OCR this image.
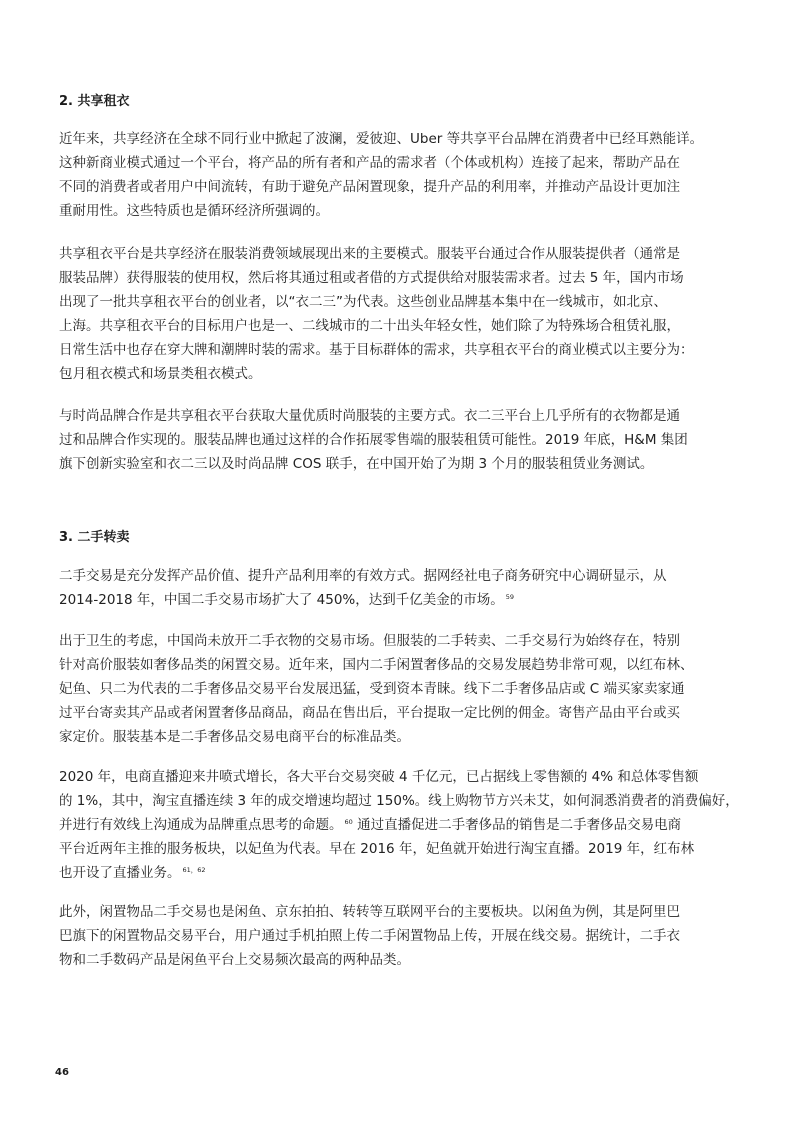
2. 共享租衣

近年来，共享经济在全球不同行业中掀起了波澜，爱彼迎、Uber 等共享平台品牌在消费者中已经耳熟能详。
这种新商业模式通过一个平台，将产品的所有者和产品的需求者（个体或机构）连接了起来，帮助产品在
不同的消费者或者用户中间流转，有助于避免产品闲置现象，提升产品的利用率，并推动产品设计更加注
重耐用性。这些特质也是循环经济所强调的。

共享租衣平台是共享经济在服装消费领域展现出来的主要模式。服装平台通过合作从服装提供者（通常是
服装品牌）获得服装的使用权，然后将其通过租或者借的方式提供给对服装需求者。过去 5 年，国内市场
出现了一批共享租衣平台的创业者，以“衣二三”为代表。这些创业品牌基本集中在一线城市，如北京、
上海。共享租衣平台的目标用户也是一、二线城市的二十出头年轻女性，她们除了为特殊场合租赁礼服，
日常生活中也存在穿大牌和潮牌时装的需求。基于目标群体的需求，共享租衣平台的商业模式以主要分为：
包月租衣模式和场景类租衣模式。

与时尚品牌合作是共享租衣平台获取大量优质时尚服装的主要方式。衣二三平台上几乎所有的衣物都是通
过和品牌合作实现的。服装品牌也通过这样的合作拓展零售端的服装租赁可能性。2019 年底，H&M 集团
旗下创新实验室和衣二三以及时尚品牌 COS 联手，在中国开始了为期 3 个月的服装租赁业务测试。

3. 二手转卖

二手交易是充分发挥产品价值、提升产品利用率的有效方式。据网经社电子商务研究中心调研显示，从
2014-2018 年，中国二手交易市场扩大了 450%，达到千亿美金的市场。 $^{59}$

出于卫生的考虑，中国尚未放开二手衣物的交易市场。但服装的二手转卖、二手交易行为始终存在，特别
针对高价服装如奢侈品类的闲置交易。近年来，国内二手闲置奢侈品的交易发展趋势非常可观，以红布林、
妃鱼、只二为代表的二手奢侈品交易平台发展迅猛，受到资本青睐。线下二手奢侈品店或 C 端买家卖家通
过平台寄卖其产品或者闲置奢侈品商品，商品在售出后，平台提取一定比例的佣金。寄售产品由平台或买
家定价。服装基本是二手奢侈品交易电商平台的标准品类。

2020 年，电商直播迎来井喷式增长，各大平台交易突破 4 千亿元，已占据线上零售额的 4% 和总体零售额
的 1%，其中，淘宝直播连续 3 年的成交增速均超过 150%。线上购物节方兴未艾，如何洞悉消费者的消费偏好，
并进行有效线上沟通成为品牌重点思考的命题。 $^{60}$ 通过直播促进二手奢侈品的销售是二手奢侈品交易电商
平台近两年主推的服务板块，以妃鱼为代表。早在 2016 年，妃鱼就开始进行淘宝直播。2019 年，红布林
也开设了直播业务。 $^{61,62}$

此外，闲置物品二手交易也是闲鱼、京东拍拍、转转等互联网平台的主要板块。以闲鱼为例，其是阿里巴
巴旗下的闲置物品交易平台，用户通过手机拍照上传二手闲置物品上传，开展在线交易。据统计，二手衣
物和二手数码产品是闲鱼平台上交易频次最高的两种品类。

46
